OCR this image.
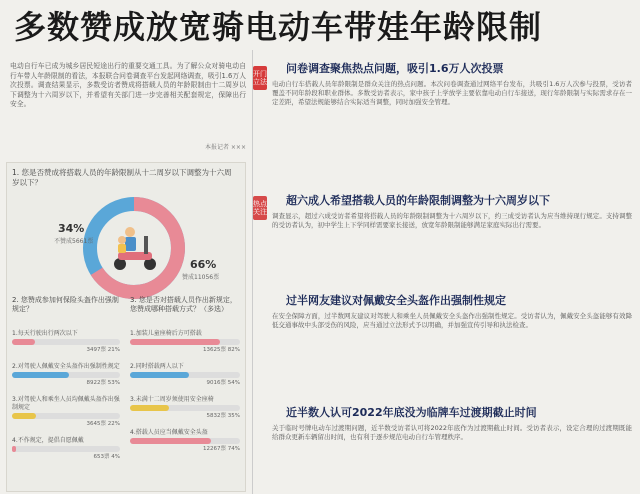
多数赞成放宽骑电动车带娃年龄限制
电动自行车已成为城乡居民短途出行的重要交通工具。为了解公众对骑电动自行车带人年龄限制的看法，本报联合问卷调查平台发起网络调查，吸引1.6万人次投票。调查结果显示，多数受访者赞成将搭载人员的年龄限制由十二周岁以下调整为十六周岁以下，并希望有关部门进一步完善相关配套规定，保障出行安全。
本报记者 ×××
开门立法
热点关注
问卷调查聚焦热点问题，吸引1.6万人次投票
电动自行车搭载人员年龄限制是群众关注的热点问题。本次问卷调查通过网络平台发布，共吸引1.6万人次参与投票，受访者覆盖不同年龄段和职业群体。多数受访者表示，家中孩子上学放学主要依靠电动自行车接送，现行年龄限制与实际需求存在一定差距，希望法规能够结合实际适当调整，同时加强安全管理。
超六成人希望搭载人员的年龄限制调整为十六周岁以下
调查显示，超过六成受访者希望将搭载人员的年龄限制调整为十六周岁以下，约三成受访者认为应当维持现行规定。支持调整的受访者认为，初中学生上下学同样需要家长接送，放宽年龄限制能够满足家庭实际出行需要。
过半网友建议对佩戴安全头盔作出强制性规定
在安全保障方面，过半数网友建议对驾驶人和乘坐人员佩戴安全头盔作出强制性规定。受访者认为，佩戴安全头盔能够有效降低交通事故中头部受伤的风险，应当通过立法形式予以明确，并加强宣传引导和执法检查。
近半数人认可2022年底没为临牌车过渡期截止时间
关于临时号牌电动车过渡期问题，近半数受访者认可将2022年底作为过渡期截止时间。受访者表示，设定合理的过渡期既能给群众更新车辆留出时间，也有利于逐步规范电动自行车管理秩序。
1. 您是否赞成将搭载人员的年龄限制从十二周岁以下调整为十六周岁以下？
34%
不赞成5661票
66%
赞成11056票
2. 您赞成参加何保险头盔作出强制规定？
1.每天行驶出行两次以下
3497票 21%
2.对驾驶人佩戴安全头盔作出强制性规定
8922票 53%
3.对驾驶人和乘坐人员均佩戴头盔作出强制规定
3645票 22%
4.不作规定，提倡自愿佩戴
653票 4%
3. 您是否对搭载人员作出新规定，您赞成哪种搭载方式？（多选）
1.加装儿童座椅后方可搭载
13625票 82%
2.同时搭载两人以下
9016票 54%
3.未满十二周岁须使用安全座椅
5832票 35%
4.搭载人员应当佩戴安全头盔
12267票 74%
